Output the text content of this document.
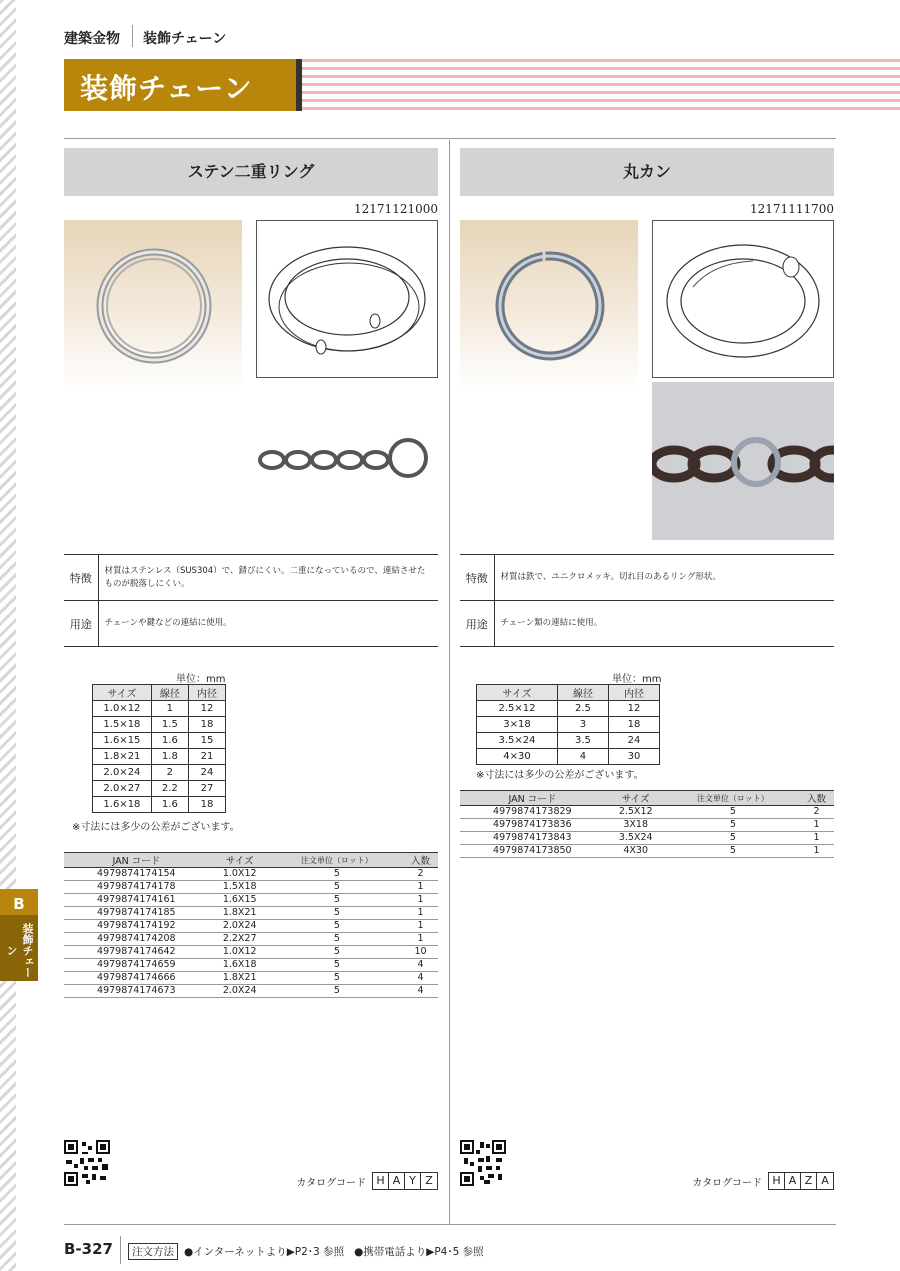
建築金物	装飾チェーン
装飾チェーン
ステン二重リング
12171121000
特徴	材質はステンレス（SUS304）で、錆びにくい。二重になっているので、連結させたものが脱落しにくい。
用途	チェーンや鍵などの連結に使用。
単位：mm
サイズ	線径	内径
1.0×12	1	12
1.5×18	1.5	18
1.6×15	1.6	15
1.8×21	1.8	21
2.0×24	2	24
2.0×27	2.2	27
1.6×18	1.6	18
※寸法には多少の公差がございます。
JAN コード	サイズ	注文単位（ロット）	入数
4979874174154	1.0X12	5	2
4979874174178	1.5X18	5	1
4979874174161	1.6X15	5	1
4979874174185	1.8X21	5	1
4979874174192	2.0X24	5	1
4979874174208	2.2X27	5	1
4979874174642	1.0X12	5	10
4979874174659	1.6X18	5	4
4979874174666	1.8X21	5	4
4979874174673	2.0X24	5	4
カタログコード H A Y Z
丸カン
12171111700
特徴	材質は鉄で、ユニクロメッキ。切れ目のあるリング形状。
用途	チェーン類の連結に使用。
単位：mm
サイズ	線径	内径
2.5×12	2.5	12
3×18	3	18
3.5×24	3.5	24
4×30	4	30
※寸法には多少の公差がございます。
JAN コード	サイズ	注文単位（ロット）	入数
4979874173829	2.5X12	5	2
4979874173836	3X18	5	1
4979874173843	3.5X24	5	1
4979874173850	4X30	5	1
カタログコード H A Z A
B
装飾チェーン
B-327	注文方法 ●インターネットより▶P2･3 参照 ●携帯電話より▶P4･5 参照
